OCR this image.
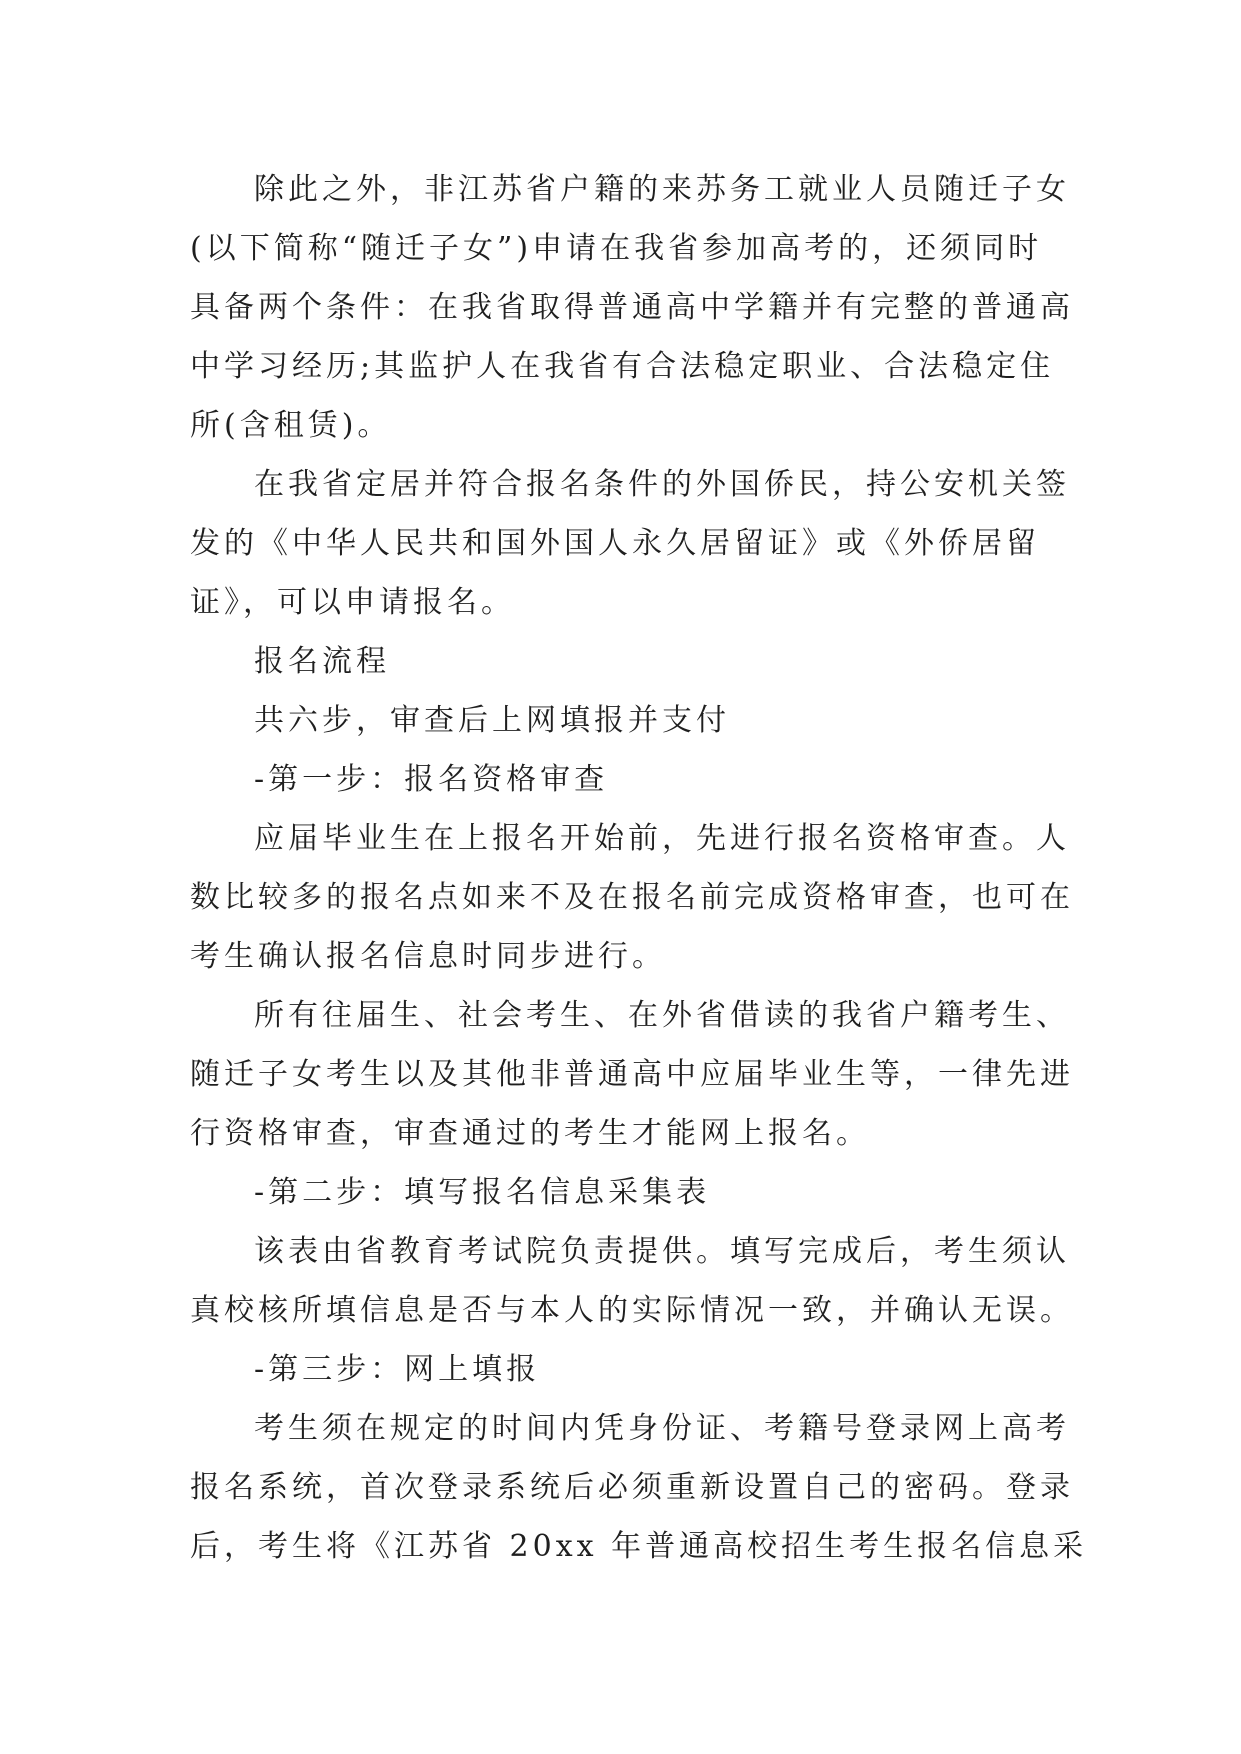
除此之外，非江苏省户籍的来苏务工就业人员随迁子女
(以下简称“随迁子女”)申请在我省参加高考的，还须同时
具备两个条件：在我省取得普通高中学籍并有完整的普通高
中学习经历;其监护人在我省有合法稳定职业、合法稳定住
所(含租赁)。

在我省定居并符合报名条件的外国侨民，持公安机关签
发的《中华人民共和国外国人永久居留证》或《外侨居留
证》，可以申请报名。

报名流程

共六步，审查后上网填报并支付

-第一步：报名资格审查

应届毕业生在上报名开始前，先进行报名资格审查。人
数比较多的报名点如来不及在报名前完成资格审查，也可在
考生确认报名信息时同步进行。

所有往届生、社会考生、在外省借读的我省户籍考生、
随迁子女考生以及其他非普通高中应届毕业生等，一律先进
行资格审查，审查通过的考生才能网上报名。

-第二步：填写报名信息采集表

该表由省教育考试院负责提供。填写完成后，考生须认
真校核所填信息是否与本人的实际情况一致，并确认无误。

-第三步：网上填报

考生须在规定的时间内凭身份证、考籍号登录网上高考
报名系统，首次登录系统后必须重新设置自己的密码。登录
后，考生将《江苏省 20xx 年普通高校招生考生报名信息采
